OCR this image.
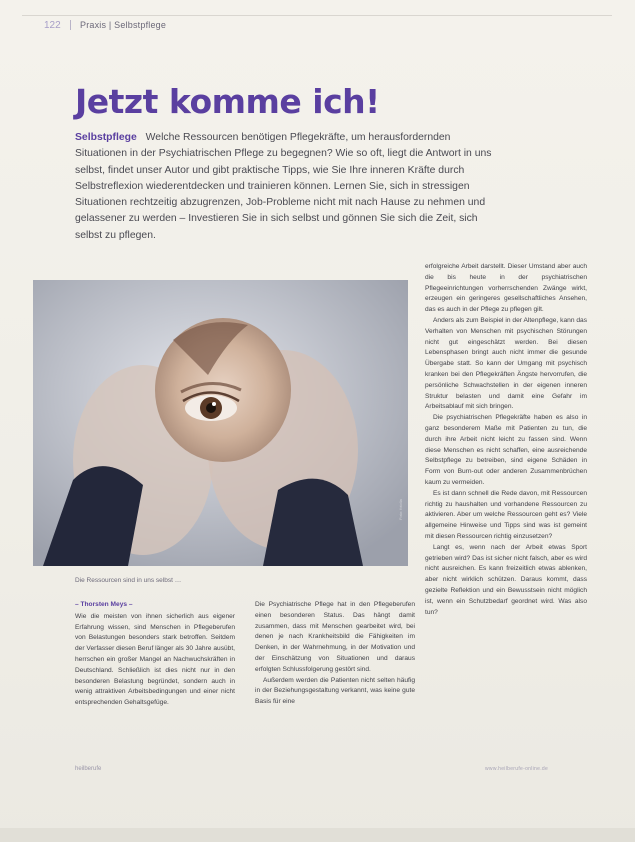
122 Praxis | Selbstpflege
Jetzt komme ich!
Selbstpflege Welche Ressourcen benötigen Pflegekräfte, um herausfordernden Situationen in der Psychiatrischen Pflege zu begegnen? Wie so oft, liegt die Antwort in uns selbst, findet unser Autor und gibt praktische Tipps, wie Sie Ihre inneren Kräfte durch Selbstreflexion wiederentdecken und trainieren können. Lernen Sie, sich in stressigen Situationen rechtzeitig abzugrenzen, Job-Probleme nicht mit nach Hause zu nehmen und gelassener zu werden – Investieren Sie in sich selbst und gönnen Sie sich die Zeit, sich selbst zu pflegen.
Foto: fotolia
Die Ressourcen sind in uns selbst …

– Thorsten Meys –

Wie die meisten von ihnen sicherlich aus eigener Erfahrung wissen, sind Menschen in Pflegeberufen von Belastungen besonders stark betroffen. Seitdem der Verfasser diesen Beruf länger als 30 Jahre ausübt, herrschen ein großer Mangel an Nachwuchskräften in Deutschland. Schließlich ist dies nicht nur in den besonderen Belastung begründet, sondern auch in wenig attraktiven Arbeitsbedingungen und einer nicht entsprechenden Gehaltsgefüge.

Die Psychiatrische Pflege hat in den Pflegeberufen einen besonderen Status. Das hängt damit zusammen, dass mit Menschen gearbeitet wird, bei denen je nach Krankheitsbild die Fähigkeiten im Denken, in der Wahrnehmung, in der Motivation und der Einschätzung von Situationen und daraus erfolgten Schlussfolgerung gestört sind.

Außerdem werden die Patienten nicht selten häufig in der Beziehungsgestaltung verkannt, was keine gute Basis für eine

erfolgreiche Arbeit darstellt. Dieser Umstand aber auch die bis heute in der psychiatrischen Pflegeeinrichtungen vorherrschenden Zwänge wirkt, erzeugen ein geringeres gesellschaftliches Ansehen, das es auch in der Pflege zu pflegen gilt.

Anders als zum Beispiel in der Altenpflege, kann das Verhalten von Menschen mit psychischen Störungen nicht gut eingeschätzt werden. Bei diesen Lebensphasen bringt auch nicht immer die gesunde Übergabe statt. So kann der Umgang mit psychisch kranken bei den Pflegekräften Ängste hervorrufen, die persönliche Schwachstellen in der eigenen inneren Struktur belasten und damit eine Gefahr im Arbeitsablauf mit sich bringen.

Die psychiatrischen Pflegekräfte haben es also in ganz besonderem Maße mit Patienten zu tun, die durch ihre Arbeit nicht leicht zu fassen sind. Wenn diese Menschen es nicht schaffen, eine ausreichende Selbstpflege zu betreiben, sind eigene Schäden in Form von Burn-out oder anderen Zusammenbrüchen kaum zu vermeiden.

Es ist dann schnell die Rede davon, mit Ressourcen richtig zu haushalten und vorhandene Ressourcen zu aktivieren. Aber um welche Ressourcen geht es? Viele allgemeine Hinweise und Tipps sind was ist gemeint mit diesen Ressourcen richtig einzusetzen?

Langt es, wenn nach der Arbeit etwas Sport getrieben wird? Das ist sicher nicht falsch, aber es wird nicht ausreichen. Es kann freizeitlich etwas ablenken, aber nicht wirklich schützen. Daraus kommt, dass gezielte Reflektion und ein Bewusstsein nicht möglich ist, wenn ein Schutzbedarf geordnet wird. Was also tun?

heilberufe	www.heilberufe-online.de
